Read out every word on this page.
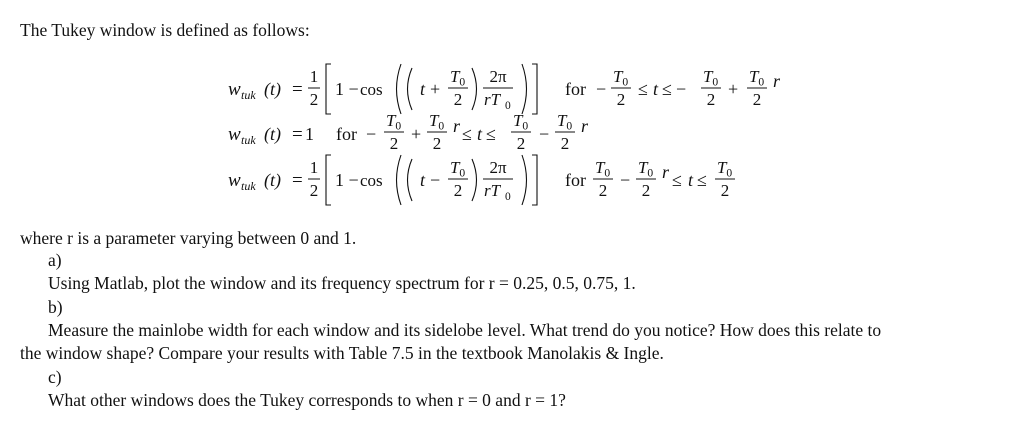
The Tukey window is defined as follows:
w tuk (t) =
1
2
1 − cos t +
T 0
2
2π
rT 0
for −
T 0
2
≤ t ≤ −
T 0
2
+
T 0
2
r
w tuk (t) = 1 for −
T 0
2 +
T 0
2
r ≤ t ≤
T 0
2 −
T 0
2
r
w tuk (t) =
1
2
1 − cos t −
T 0
2
2π
rT 0
for
T 0
2
−
T 0
2
r ≤ t ≤
T 0
2
where r is a parameter varying between 0 and 1.
a)
Using Matlab, plot the window and its frequency spectrum for r = 0.25, 0.5, 0.75, 1.
b)
Measure the mainlobe width for each window and its sidelobe level. What trend do you notice? How does this relate to
the window shape? Compare your results with Table 7.5 in the textbook Manolakis & Ingle.
c)
What other windows does the Tukey corresponds to when r = 0 and r = 1?
